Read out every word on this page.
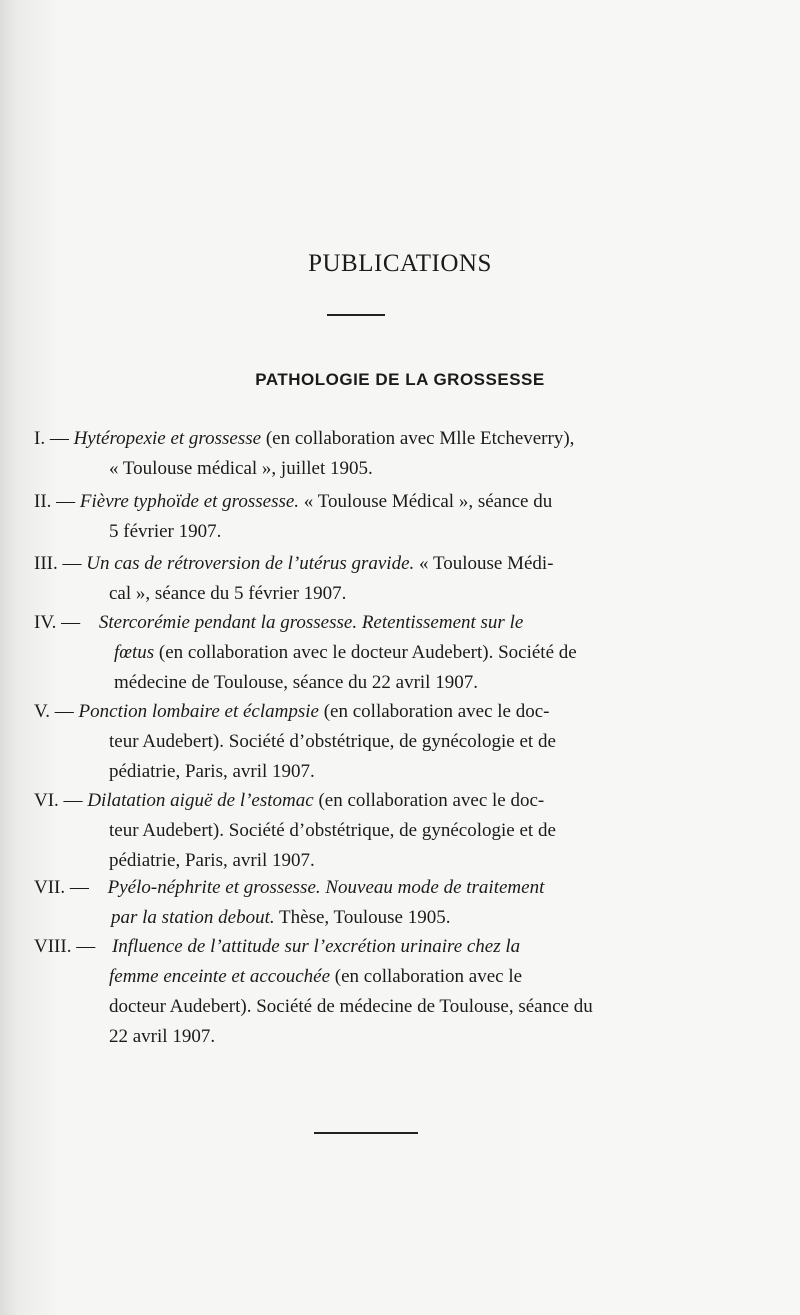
PUBLICATIONS
PATHOLOGIE DE LA GROSSESSE
I. — Hytéropexie et grossesse (en collaboration avec Mlle Etcheverry),
« Toulouse médical », juillet 1905.
II. — Fièvre typhoïde et grossesse. « Toulouse Médical », séance du
5 février 1907.
III. — Un cas de rétroversion de l’utérus gravide. « Toulouse Médi-
cal », séance du 5 février 1907.
IV. — Stercorémie pendant la grossesse. Retentissement sur le
fœtus (en collaboration avec le docteur Audebert). Société de
médecine de Toulouse, séance du 22 avril 1907.
V. — Ponction lombaire et éclampsie (en collaboration avec le doc-
teur Audebert). Société d’obstétrique, de gynécologie et de
pédiatrie, Paris, avril 1907.
VI. — Dilatation aiguë de l’estomac (en collaboration avec le doc-
teur Audebert). Société d’obstétrique, de gynécologie et de
pédiatrie, Paris, avril 1907.
VII. — Pyélo-néphrite et grossesse. Nouveau mode de traitement
par la station debout. Thèse, Toulouse 1905.
VIII. — Influence de l’attitude sur l’excrétion urinaire chez la
femme enceinte et accouchée (en collaboration avec le
docteur Audebert). Société de médecine de Toulouse, séance du
22 avril 1907.
